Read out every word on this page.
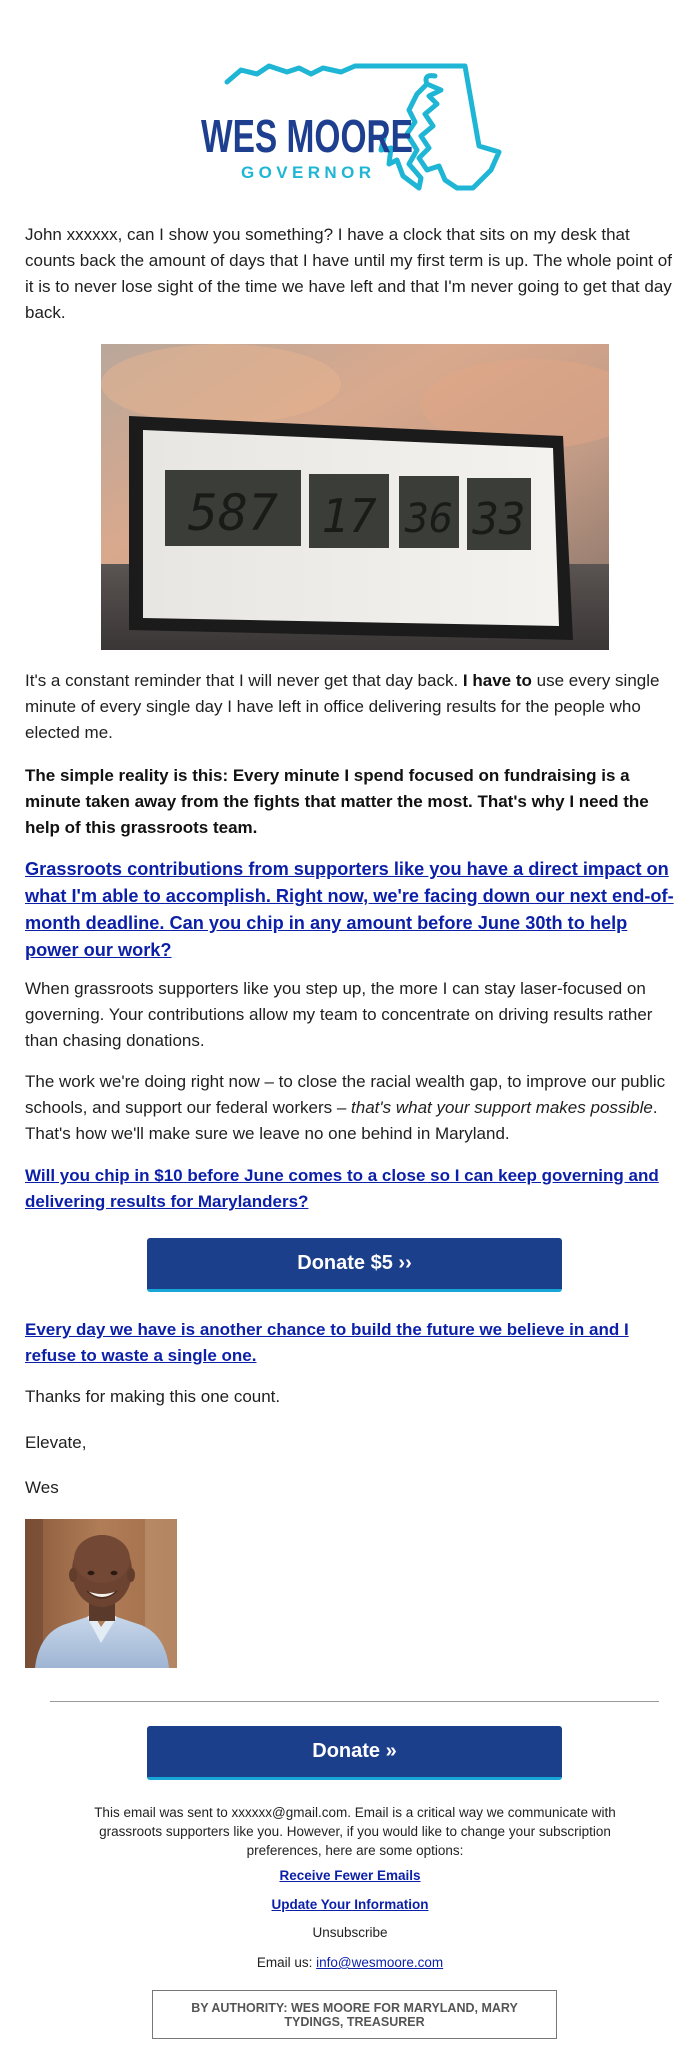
WES MOORE
GOVERNOR

John xxxxxx, can I show you something? I have a clock that sits on my desk that counts back the amount of days that I have until my first term is up. The whole point of it is to never lose sight of the time we have left and that I'm never going to get that day back.

587 17 36 33

It's a constant reminder that I will never get that day back. I have to use every single minute of every single day I have left in office delivering results for the people who elected me.

The simple reality is this: Every minute I spend focused on fundraising is a minute taken away from the fights that matter the most. That's why I need the help of this grassroots team.

Grassroots contributions from supporters like you have a direct impact on what I'm able to accomplish. Right now, we're facing down our next end-of-month deadline. Can you chip in any amount before June 30th to help power our work?

When grassroots supporters like you step up, the more I can stay laser-focused on governing. Your contributions allow my team to concentrate on driving results rather than chasing donations.

The work we're doing right now – to close the racial wealth gap, to improve our public schools, and support our federal workers – that's what your support makes possible. That's how we'll make sure we leave no one behind in Maryland.

Will you chip in $10 before June comes to a close so I can keep governing and delivering results for Marylanders?

Donate $5 ››

Every day we have is another chance to build the future we believe in and I refuse to waste a single one.

Thanks for making this one count.

Elevate,

Wes

Donate »

This email was sent to xxxxxx@gmail.com. Email is a critical way we communicate with grassroots supporters like you. However, if you would like to change your subscription preferences, here are some options:

Receive Fewer Emails
Update Your Information
Unsubscribe
Email us: info@wesmoore.com
BY AUTHORITY: WES MOORE FOR MARYLAND, MARY TYDINGS, TREASURER
